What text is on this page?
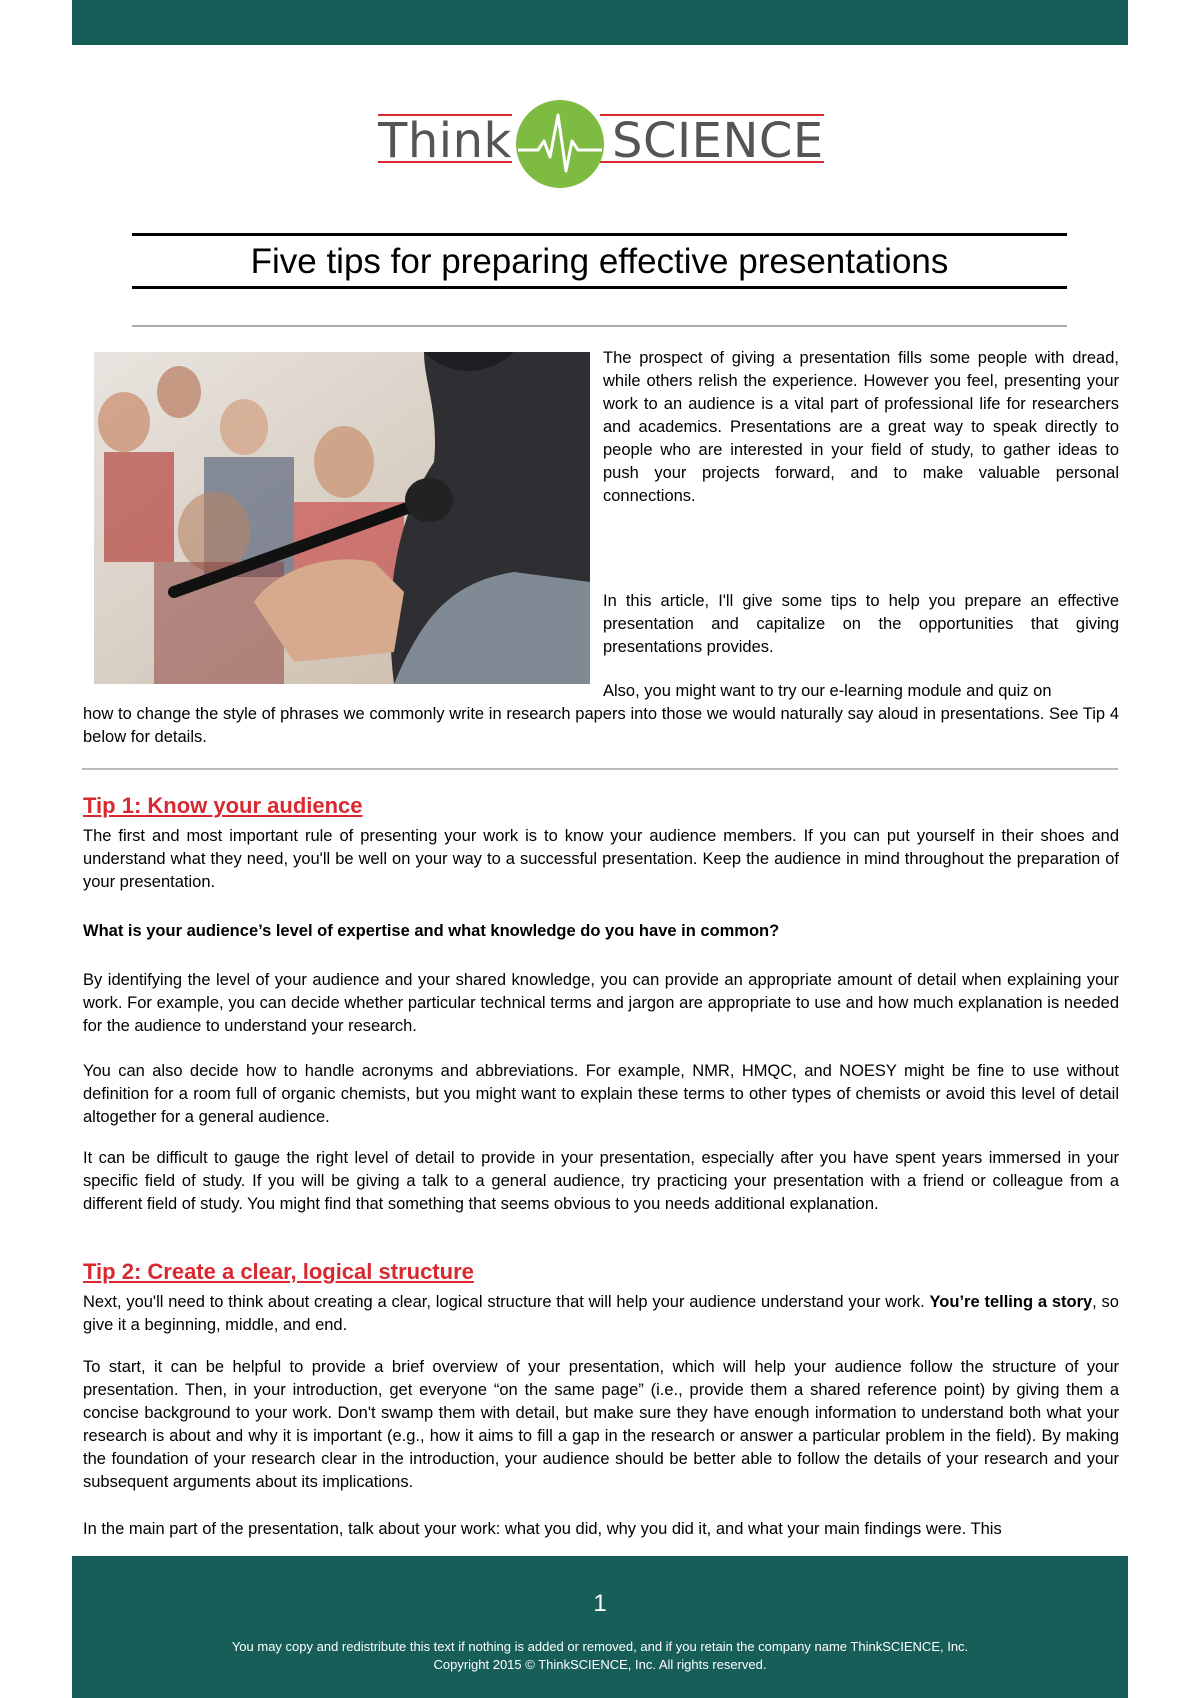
Think SCIENCE
Five tips for preparing effective presentations

The prospect of giving a presentation fills some people with dread, while others relish the experience. However you feel, presenting your work to an audience is a vital part of professional life for researchers and academics. Presentations are a great way to speak directly to people who are interested in your field of study, to gather ideas to push your projects forward, and to make valuable personal connections.

In this article, I'll give some tips to help you prepare an effective presentation and capitalize on the opportunities that giving presentations provides.

Also, you might want to try our e-learning module and quiz on

how to change the style of phrases we commonly write in research papers into those we would naturally say aloud in presentations. See Tip 4 below for details.

Tip 1: Know your audience

The first and most important rule of presenting your work is to know your audience members. If you can put yourself in their shoes and understand what they need, you'll be well on your way to a successful presentation. Keep the audience in mind throughout the preparation of your presentation.

What is your audience’s level of expertise and what knowledge do you have in common?

By identifying the level of your audience and your shared knowledge, you can provide an appropriate amount of detail when explaining your work. For example, you can decide whether particular technical terms and jargon are appropriate to use and how much explanation is needed for the audience to understand your research.

You can also decide how to handle acronyms and abbreviations. For example, NMR, HMQC, and NOESY might be fine to use without definition for a room full of organic chemists, but you might want to explain these terms to other types of chemists or avoid this level of detail altogether for a general audience.

It can be difficult to gauge the right level of detail to provide in your presentation, especially after you have spent years immersed in your specific field of study. If you will be giving a talk to a general audience, try practicing your presentation with a friend or colleague from a different field of study. You might find that something that seems obvious to you needs additional explanation.

Tip 2: Create a clear, logical structure

Next, you'll need to think about creating a clear, logical structure that will help your audience understand your work. You’re telling a story, so give it a beginning, middle, and end.

To start, it can be helpful to provide a brief overview of your presentation, which will help your audience follow the structure of your presentation. Then, in your introduction, get everyone “on the same page” (i.e., provide them a shared reference point) by giving them a concise background to your work. Don't swamp them with detail, but make sure they have enough information to understand both what your research is about and why it is important (e.g., how it aims to fill a gap in the research or answer a particular problem in the field). By making the foundation of your research clear in the introduction, your audience should be better able to follow the details of your research and your subsequent arguments about its implications.

In the main part of the presentation, talk about your work: what you did, why you did it, and what your main findings were. This

1
You may copy and redistribute this text if nothing is added or removed, and if you retain the company name ThinkSCIENCE, Inc.
Copyright 2015 © ThinkSCIENCE, Inc. All rights reserved.
